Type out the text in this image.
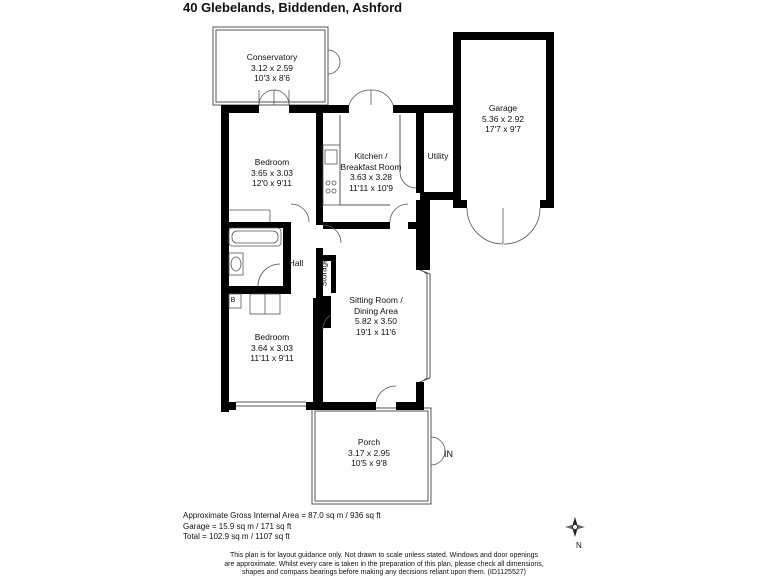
40 Glebelands, Biddenden, Ashford
Conservatory
3.12 x 2.59
10'3 x 8'6
Garage
5.36 x 2.92
17'7 x 9'7
Bedroom
3.65 x 3.03
12'0 x 9'11
Kitchen /
Breakfast Room
3.63 x 3.28
11'11 x 10'9
Utility
Hall Storage
Sitting Room /
Dining Area
5.82 x 3.50
19'1 x 11'6
Bedroom
3.64 x 3.03
11'11 x 9'11
Porch
3.17 x 2.95
10'5 x 9'8
B
IN
Approximate Gross Internal Area = 87.0 sq m / 936 sq ft
Garage = 15.9 sq m / 171 sq ft
Total = 102.9 sq m / 1107 sq ft
N
This plan is for layout guidance only. Not drawn to scale unless stated. Windows and door openings
are approximate. Whilst every care is taken in the preparation of this plan, please check all dimensions,
shapes and compass bearings before making any decisions reliant upon them. (ID1125527)
